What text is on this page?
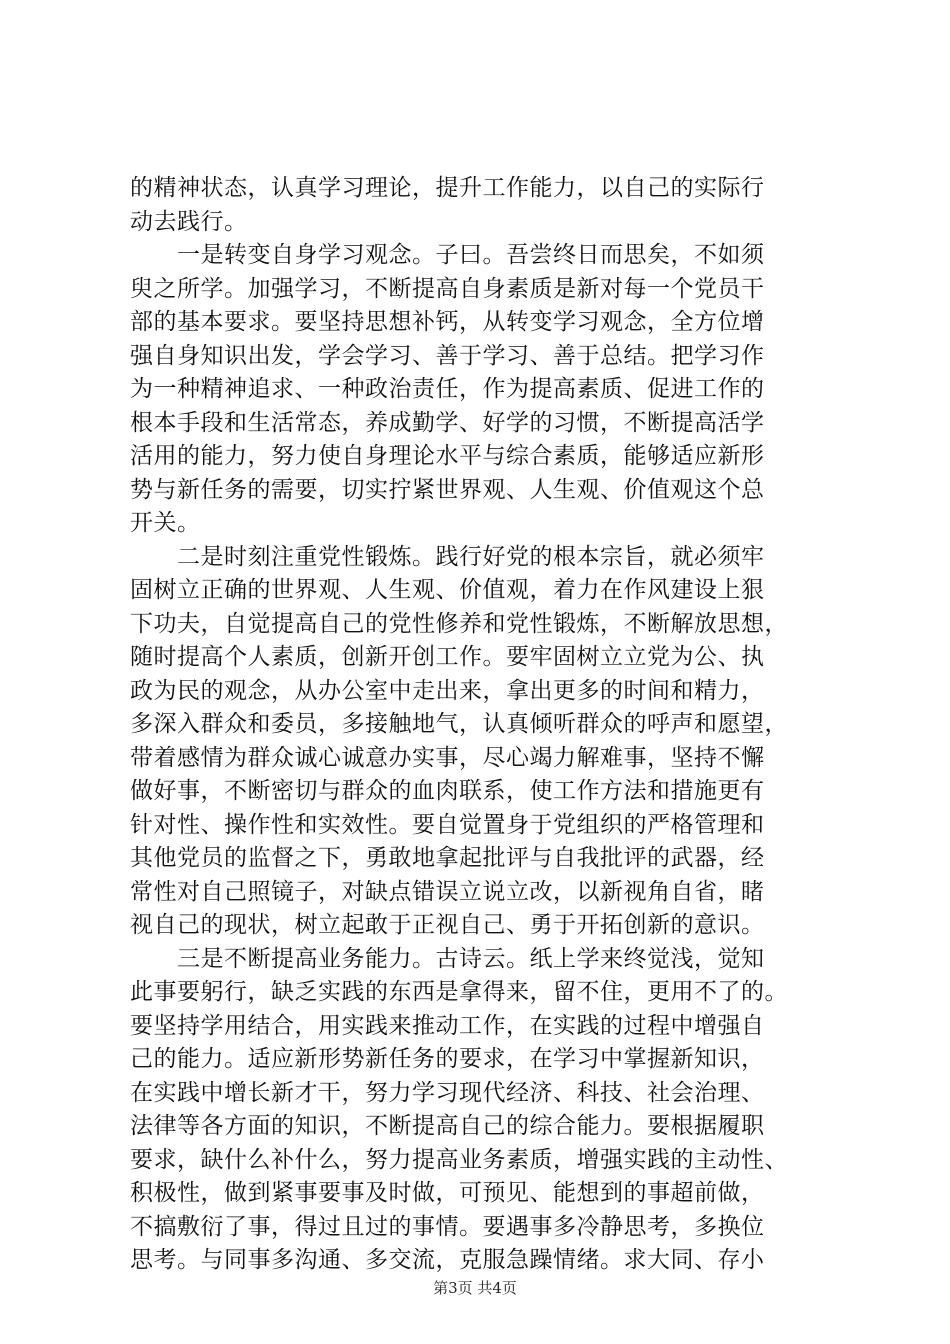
的精神状态，认真学习理论，提升工作能力，以自己的实际行
动去践行。
一是转变自身学习观念。子曰。吾尝终日而思矣，不如须
臾之所学。加强学习，不断提高自身素质是新对每一个党员干
部的基本要求。要坚持思想补钙，从转变学习观念，全方位增
强自身知识出发，学会学习、善于学习、善于总结。把学习作
为一种精神追求、一种政治责任，作为提高素质、促进工作的
根本手段和生活常态，养成勤学、好学的习惯，不断提高活学
活用的能力，努力使自身理论水平与综合素质，能够适应新形
势与新任务的需要，切实拧紧世界观、人生观、价值观这个总
开关。
二是时刻注重党性锻炼。践行好党的根本宗旨，就必须牢
固树立正确的世界观、人生观、价值观，着力在作风建设上狠
下功夫，自觉提高自己的党性修养和党性锻炼，不断解放思想，
随时提高个人素质，创新开创工作。要牢固树立立党为公、执
政为民的观念，从办公室中走出来，拿出更多的时间和精力，
多深入群众和委员，多接触地气，认真倾听群众的呼声和愿望，
带着感情为群众诚心诚意办实事，尽心竭力解难事，坚持不懈
做好事，不断密切与群众的血肉联系，使工作方法和措施更有
针对性、操作性和实效性。要自觉置身于党组织的严格管理和
其他党员的监督之下，勇敢地拿起批评与自我批评的武器，经
常性对自己照镜子，对缺点错误立说立改，以新视角自省，睹
视自己的现状，树立起敢于正视自己、勇于开拓创新的意识。
三是不断提高业务能力。古诗云。纸上学来终觉浅，觉知
此事要躬行，缺乏实践的东西是拿得来，留不住，更用不了的。
要坚持学用结合，用实践来推动工作，在实践的过程中增强自
己的能力。适应新形势新任务的要求，在学习中掌握新知识，
在实践中增长新才干，努力学习现代经济、科技、社会治理、
法律等各方面的知识，不断提高自己的综合能力。要根据履职
要求，缺什么补什么，努力提高业务素质，增强实践的主动性、
积极性，做到紧事要事及时做，可预见、能想到的事超前做，
不搞敷衍了事，得过且过的事情。要遇事多冷静思考，多换位
思考。与同事多沟通、多交流，克服急躁情绪。求大同、存小
第3页 共4页
